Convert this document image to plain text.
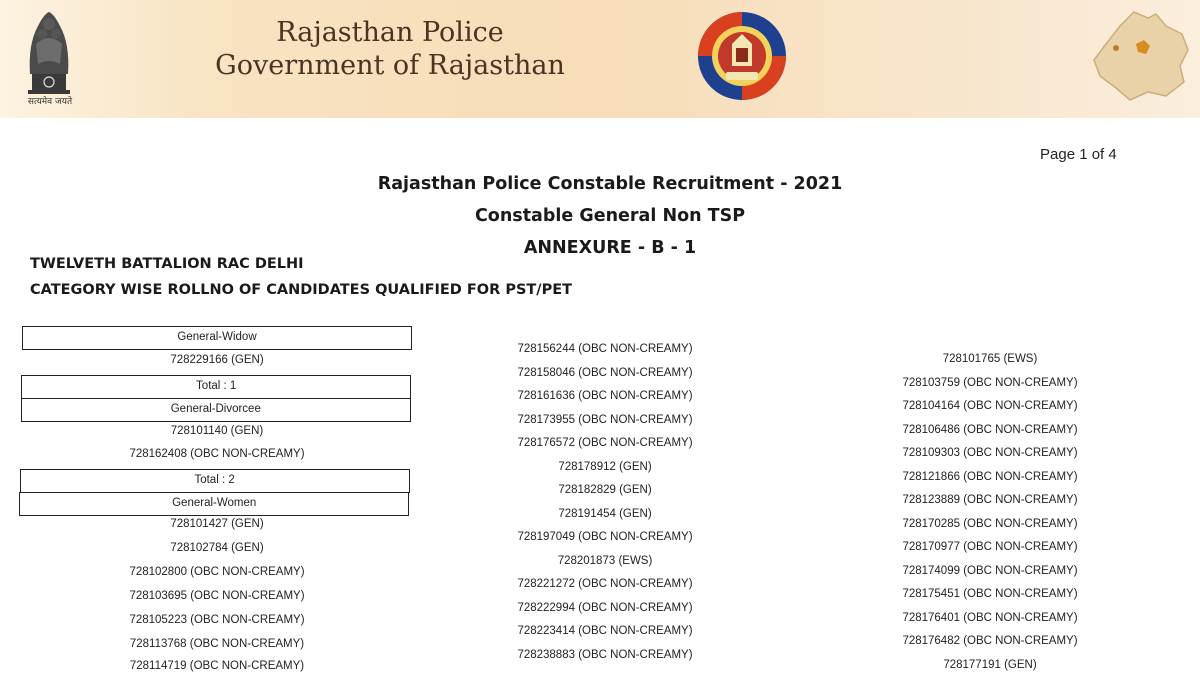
सत्यमेव जयते
Rajasthan Police
Government of Rajasthan
Page 1 of 4
Rajasthan Police Constable Recruitment - 2021
Constable General Non TSP
ANNEXURE - B - 1
TWELVETH BATTALION RAC DELHI
CATEGORY WISE ROLLNO OF CANDIDATES QUALIFIED FOR PST/PET
General-Widow
728229166 (GEN)
Total : 1
General-Divorcee
728101140 (GEN)
728162408 (OBC NON-CREAMY)
Total : 2
General-Women
728101427 (GEN)
728102784 (GEN)
728102800 (OBC NON-CREAMY)
728103695 (OBC NON-CREAMY)
728105223 (OBC NON-CREAMY)
728113768 (OBC NON-CREAMY)
728114719 (OBC NON-CREAMY)
728156244 (OBC NON-CREAMY)
728158046 (OBC NON-CREAMY)
728161636 (OBC NON-CREAMY)
728173955 (OBC NON-CREAMY)
728176572 (OBC NON-CREAMY)
728178912 (GEN)
728182829 (GEN)
728191454 (GEN)
728197049 (OBC NON-CREAMY)
728201873 (EWS)
728221272 (OBC NON-CREAMY)
728222994 (OBC NON-CREAMY)
728223414 (OBC NON-CREAMY)
728238883 (OBC NON-CREAMY)
728101765 (EWS)
728103759 (OBC NON-CREAMY)
728104164 (OBC NON-CREAMY)
728106486 (OBC NON-CREAMY)
728109303 (OBC NON-CREAMY)
728121866 (OBC NON-CREAMY)
728123889 (OBC NON-CREAMY)
728170285 (OBC NON-CREAMY)
728170977 (OBC NON-CREAMY)
728174099 (OBC NON-CREAMY)
728175451 (OBC NON-CREAMY)
728176401 (OBC NON-CREAMY)
728176482 (OBC NON-CREAMY)
728177191 (GEN)
